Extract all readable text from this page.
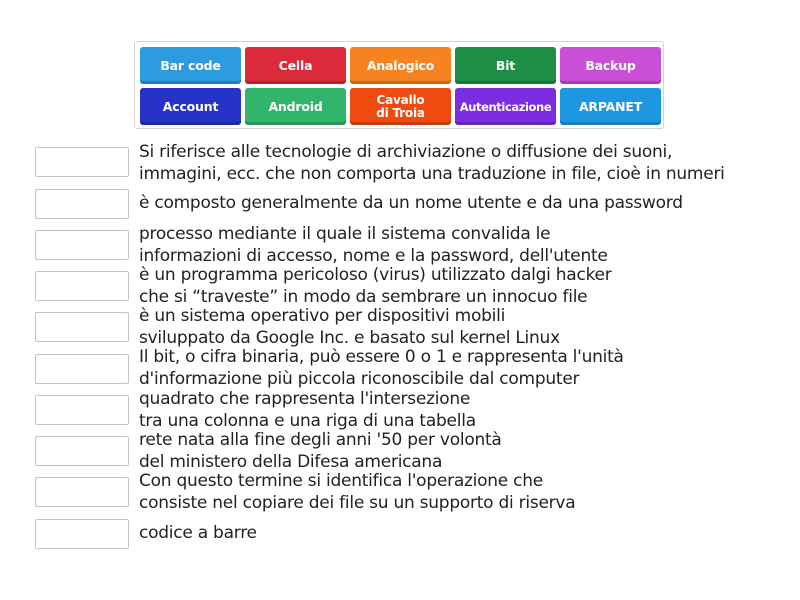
Bar code	Cella	Analogico	Bit	Backup
Account	Android	Cavallo
di Troia	Autenticazione ARPANET
Si riferisce alle tecnologie di archiviazione o diffusione dei suoni,
immagini, ecc. che non comporta una traduzione in file, cioè in numeri
è composto generalmente da un nome utente e da una password
processo mediante il quale il sistema convalida le
informazioni di accesso, nome e la password, dell'utente
è un programma pericoloso (virus) utilizzato dalgi hacker
che si “traveste” in modo da sembrare un innocuo file
è un sistema operativo per dispositivi mobili
sviluppato da Google Inc. e basato sul kernel Linux
Il bit, o cifra binaria, può essere 0 o 1 e rappresenta l'unità
d'informazione più piccola riconoscibile dal computer
quadrato che rappresenta l'intersezione
tra una colonna e una riga di una tabella
rete nata alla fine degli anni '50 per volontà
del ministero della Difesa americana
Con questo termine si identifica l'operazione che
consiste nel copiare dei file su un supporto di riserva
codice a barre
